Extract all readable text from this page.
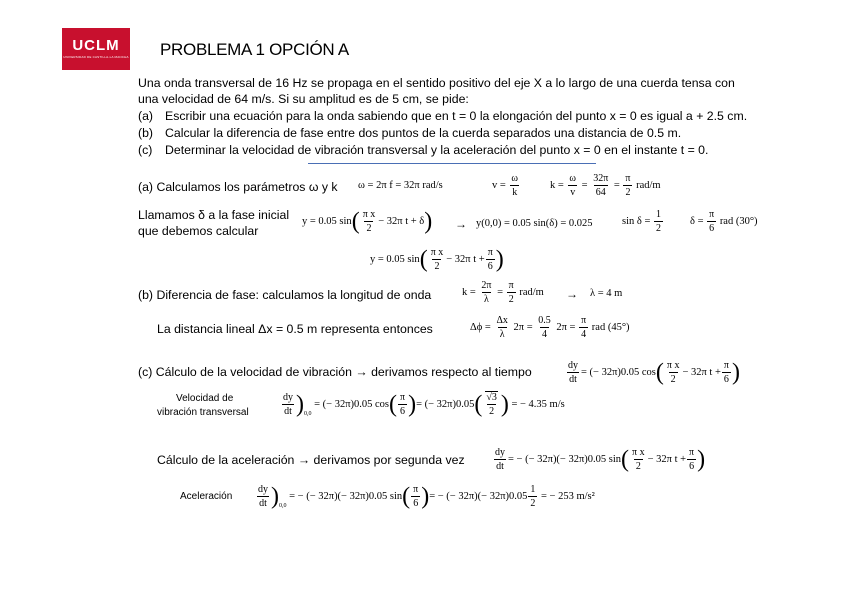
UCLM
UNIVERSIDAD DE CASTILLA-LA MANCHA PROBLEMA 1 OPCIÓN A
Una onda transversal de 16 Hz se propaga en el sentido positivo del eje X a lo largo de una cuerda tensa con
una velocidad de 64 m/s. Si su amplitud es de 5 cm, se pide:
(a) Escribir una ecuación para la onda sabiendo que en t = 0 la elongación del punto x = 0 es igual a + 2.5 cm.
(b) Calcular la diferencia de fase entre dos puntos de la cuerda separados una distancia de 0.5 m.
(c) Determinar la velocidad de vibración transversal y la aceleración del punto x = 0 en el instante t = 0.
(a) Calculamos los parámetros ω y k ω = 2π f = 32π rad/s	$v = \frac{\omega}{k}$	$k = \frac{\omega}{v} = \frac{32\pi}{64} = \frac{\pi}{2} rad/m$
Llamamos δ a la fase inicial
que debemos calcular
y = 0.05 $\sin( \frac{\text{π x}}{2} - 32\pi$ t + δ) → y(0,0) = 0.05 sin(δ) = 0.025	$\sin \delta = \frac{1}{2}$	$\delta = \frac{\pi}{6}$ rad (30°)
y = 0.05 $\sin( \frac{\text{π x}}{2} - 32\pi$ $t + \frac{\pi}{6}$ )
(b) Diferencia de fase: calculamos la longitud de onda	$k = \frac{2\pi}{\lambda} = \frac{\pi}{2} rad/m \to \lambda = 4$ m
La distancia lineal Δx = 0.5 m representa entonces	$\Delta\phi = \frac{\Delta x}{\lambda} 2\pi = \frac{0.5}{4} 2\pi = \frac{\pi}{4}$ rad (45°)
(c) Cálculo de la velocidad de vibración → derivamos respecto al tiempo	$\frac{dy}{dt}$ = (− 32π)0.05 $\cos( \frac{\text{π x}}{2} - 32\pi$ $t + \frac{\pi}{6}$ )
Velocidad de
vibración transversal	$\frac{dy}{dt} )_{0,0}$ = (− 32π)0.05 $\cos( \frac{\pi}{6}$ )= (− $32\pi)0.05( \frac{√3}{2}$ ) = − 4.35 m/s
Cálculo de la aceleración → derivamos por segunda vez	$\frac{dy}{dt}$ = − (− 32π)(− 32π)0.05 $\sin( \frac{\text{π x}}{2} - 32\pi$ $t + \frac{\pi}{6}$ )
Aceleración $\frac{dy}{dt} )_{0,0}$ = − (− 32π)(− 32π)0.05 $\sin( \frac{\pi}{6}$ )= − (− $32\pi)(- 32\pi)0.05 \frac{1}{2}$ = − 253 m/s²
